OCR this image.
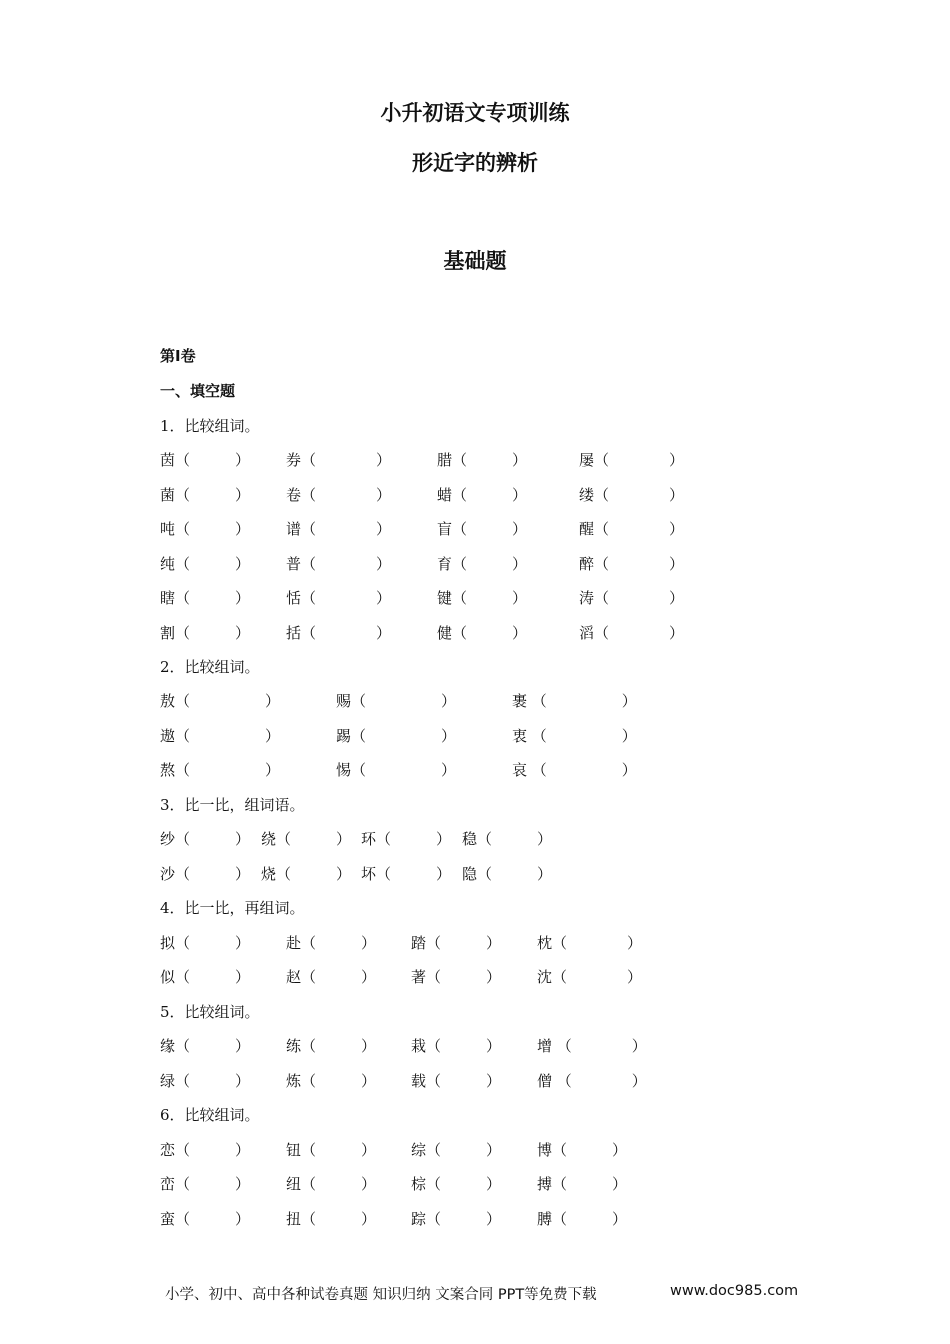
小升初语文专项训练
形近字的辨析
基础题
第Ⅰ卷
一、填空题
1．比较组词。
茵（　　　） 券（　　　　）	腊（　　　）	屡（　　　　）
菌（　　　） 卷（　　　　）	蜡（　　　）	缕（　　　　）
吨（　　　） 谱（　　　　）	盲（　　　）	醒（　　　　）
纯（　　　） 普（　　　　）	育（　　　）	醉（　　　　）
瞎（　　　） 恬（　　　　）	键（　　　）	涛（　　　　）
割（　　　） 括（　　　　）	健（　　　）	滔（　　　　）
2．比较组词。
敖（　　　　　）	赐（　　　　　）	裹 （　　　　　）
遨（　　　　　）	踢（　　　　　）	衷 （　　　　　）
熬（　　　　　）	惕（　　　　　）	哀 （　　　　　）
3．比一比，组词语。
纱（　　　） 绕（　　　） 环（　　　） 稳（　　　）
沙（　　　） 烧（　　　） 坏（　　　） 隐（　　　）
4．比一比，再组词。
拟（　　　） 赴（　　　） 踏（　　　） 枕（　　　　）
似（　　　） 赵（　　　） 著（　　　） 沈（　　　　）
5．比较组词。
缘（　　　） 练（　　　） 栽（　　　） 增 （　　　　）
绿（　　　） 炼（　　　） 载（　　　） 僧 （　　　　）
6．比较组词。
恋（　　　） 钮（　　　） 综（　　　） 博（　　　）
峦（　　　） 纽（　　　） 棕（　　　） 搏（　　　）
蛮（　　　） 扭（　　　） 踪（　　　） 膊（　　　）
小学、初中、高中各种试卷真题 知识归纳 文案合同 PPT等免费下载	www.doc985.com
